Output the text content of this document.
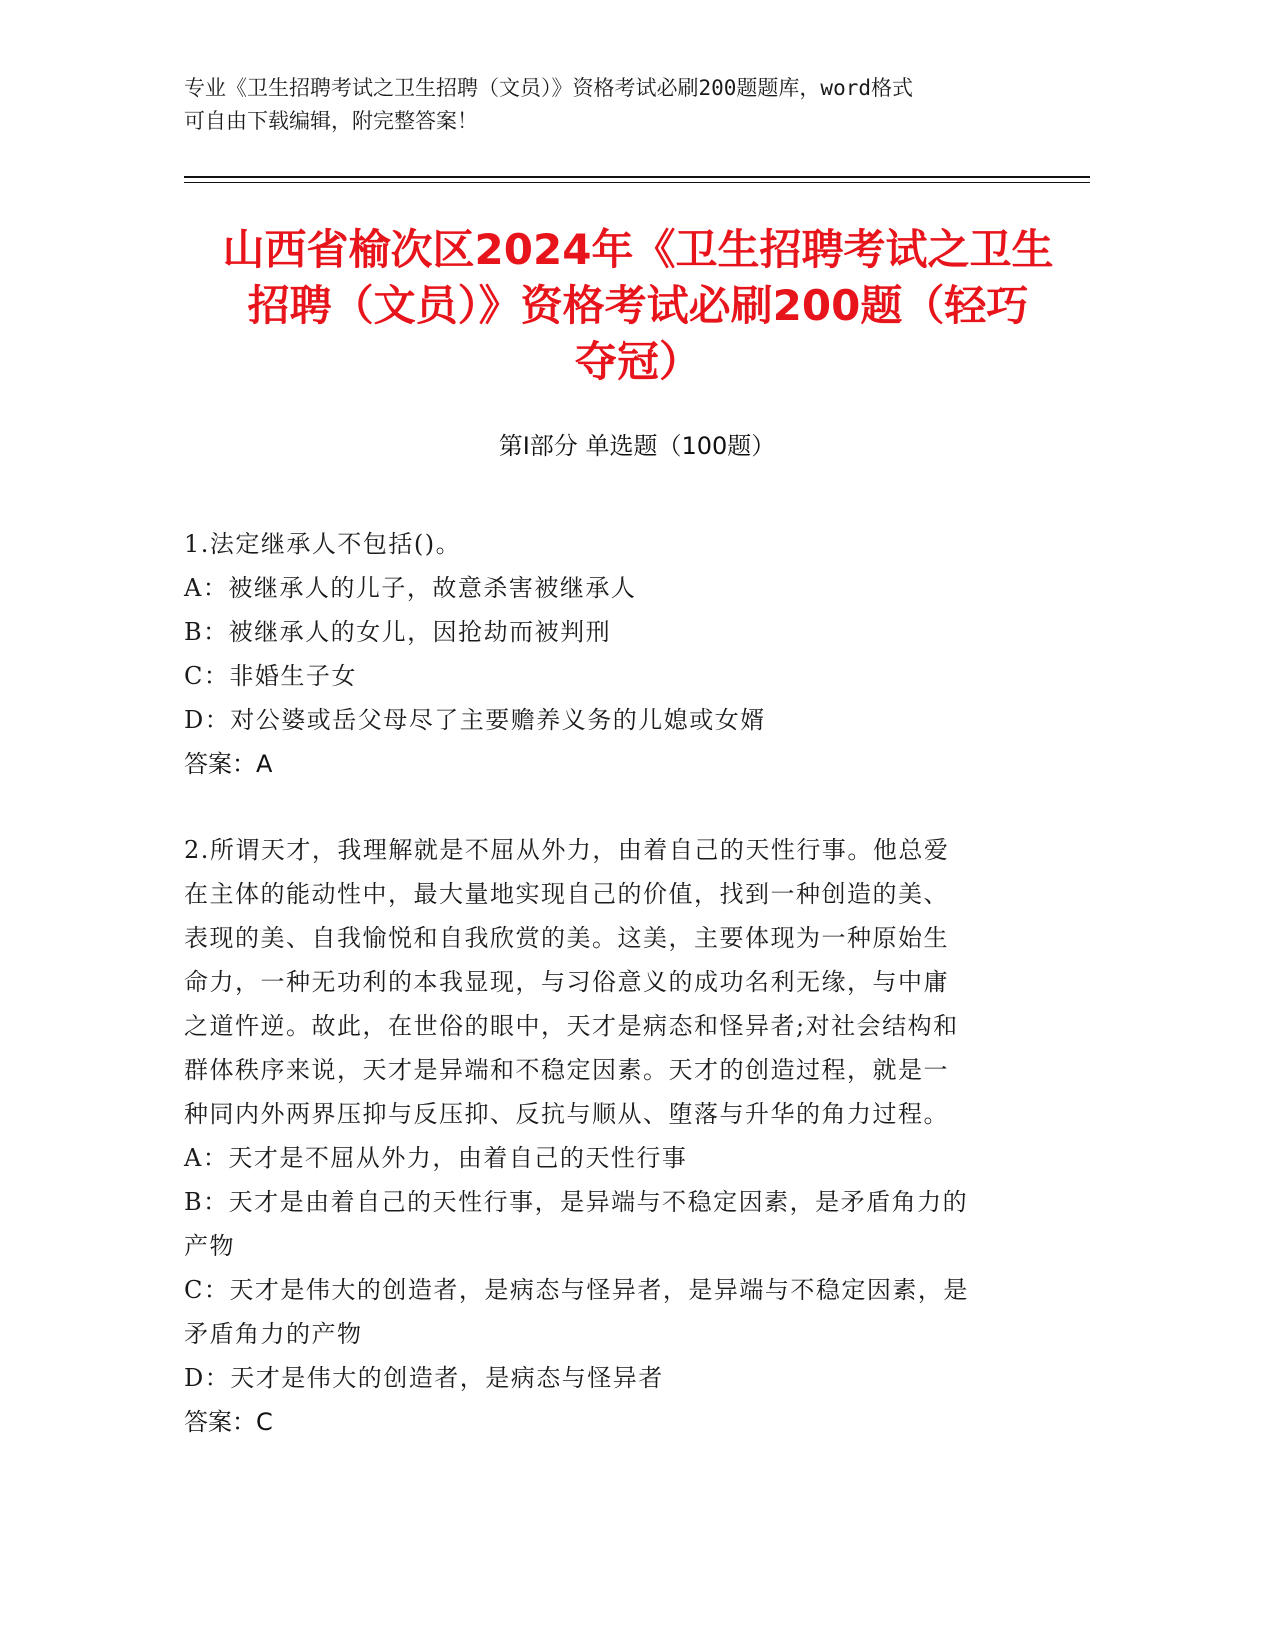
专业《卫生招聘考试之卫生招聘（文员）》资格考试必刷200题题库，word格式
可自由下载编辑，附完整答案！
山西省榆次区2024年《卫生招聘考试之卫生
招聘（文员）》资格考试必刷200题（轻巧
夺冠）
第Ⅰ部分 单选题（100题）

1.法定继承人不包括()。

A：被继承人的儿子，故意杀害被继承人

B：被继承人的女儿，因抢劫而被判刑

C：非婚生子女

D：对公婆或岳父母尽了主要赡养义务的儿媳或女婿

答案：A

2.所谓天才，我理解就是不屈从外力，由着自己的天性行事。他总爱

在主体的能动性中，最大量地实现自己的价值，找到一种创造的美、

表现的美、自我愉悦和自我欣赏的美。这美，主要体现为一种原始生

命力，一种无功利的本我显现，与习俗意义的成功名利无缘，与中庸

之道忤逆。故此，在世俗的眼中，天才是病态和怪异者;对社会结构和

群体秩序来说，天才是异端和不稳定因素。天才的创造过程，就是一

种同内外两界压抑与反压抑、反抗与顺从、堕落与升华的角力过程。

A：天才是不屈从外力，由着自己的天性行事

B：天才是由着自己的天性行事，是异端与不稳定因素，是矛盾角力的

产物

C：天才是伟大的创造者，是病态与怪异者，是异端与不稳定因素，是

矛盾角力的产物

D：天才是伟大的创造者，是病态与怪异者

答案：C
